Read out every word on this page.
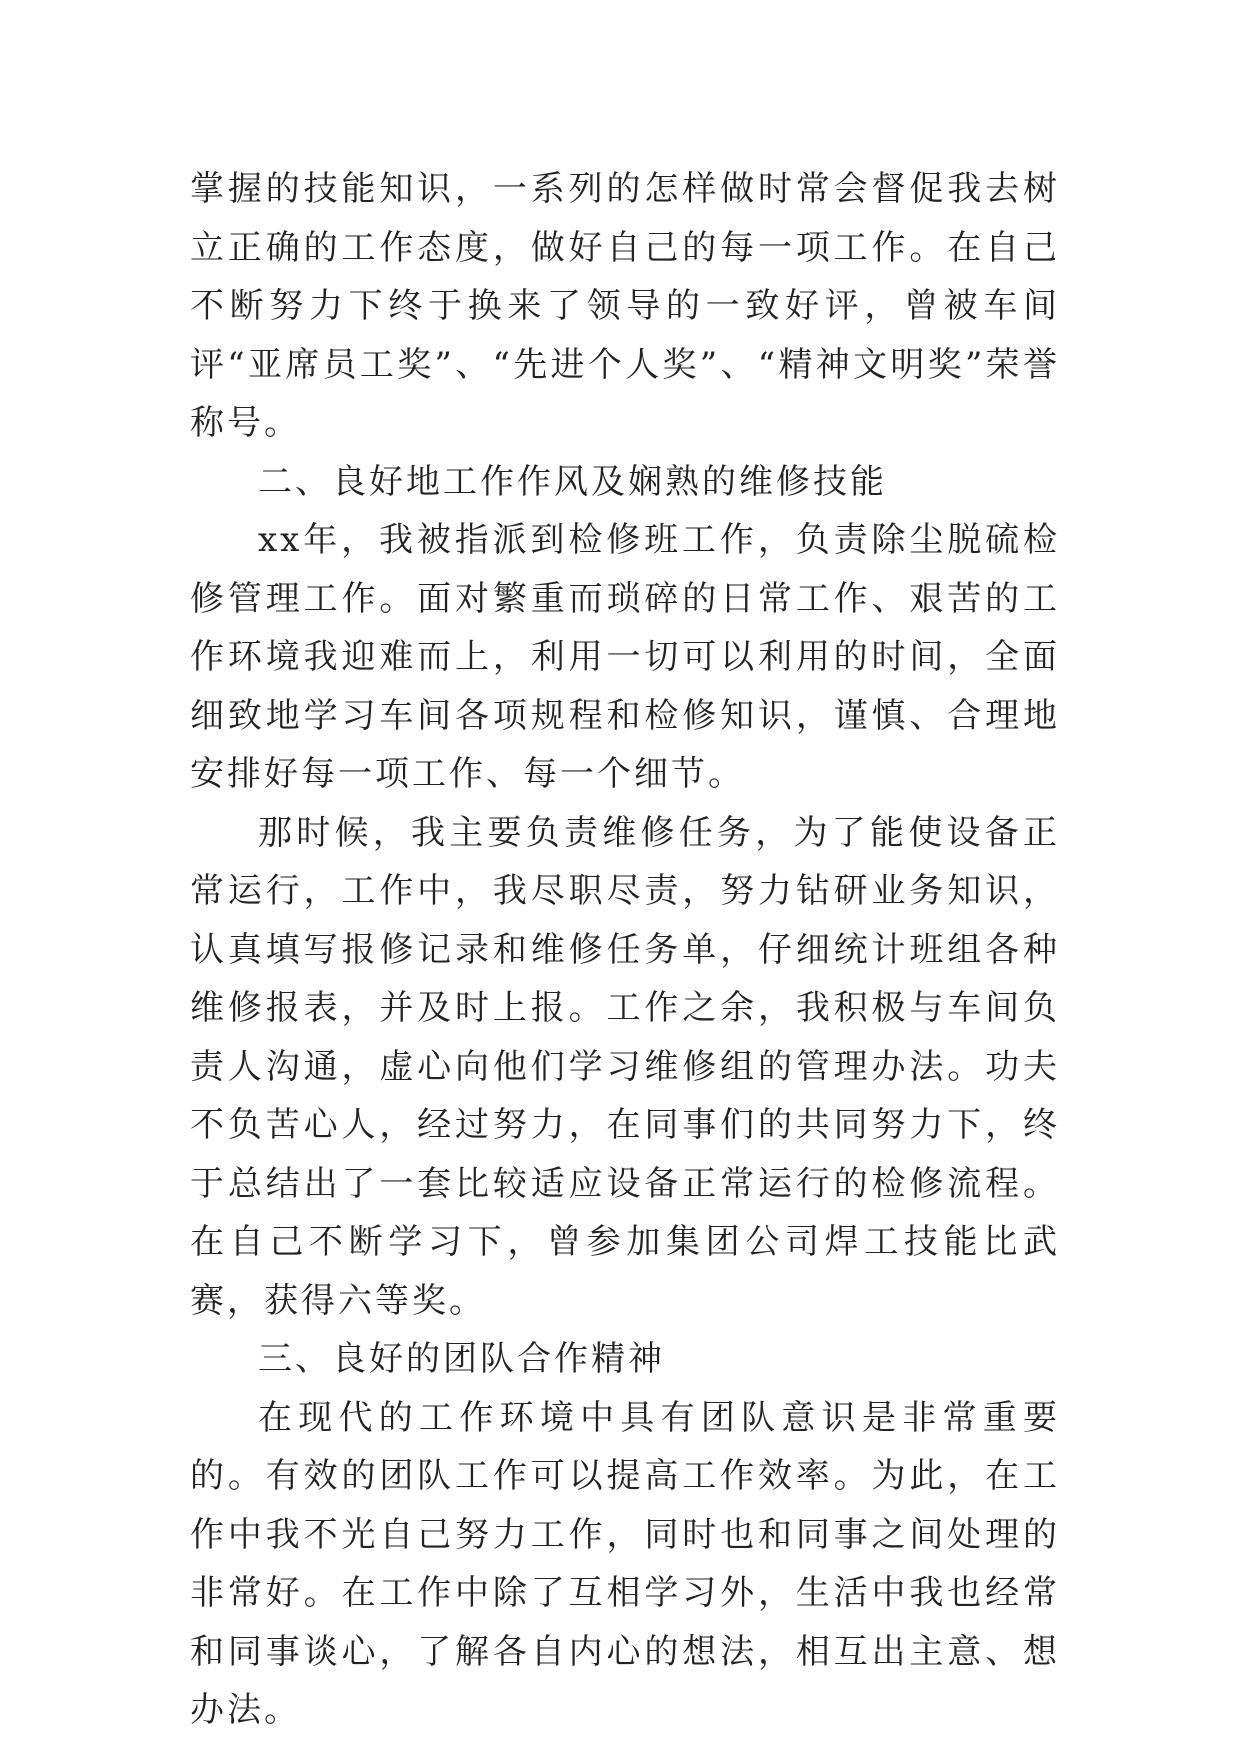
掌握的技能知识，一系列的怎样做时常会督促我去树立正确的工作态度，做好自己的每一项工作。在自己不断努力下终于换来了领导的一致好评，曾被车间评“亚席员工奖”、“先进个人奖”、“精神文明奖”荣誉称号。

二、良好地工作作风及娴熟的维修技能

xx年，我被指派到检修班工作，负责除尘脱硫检修管理工作。面对繁重而琐碎的日常工作、艰苦的工作环境我迎难而上，利用一切可以利用的时间，全面细致地学习车间各项规程和检修知识，谨慎、合理地安排好每一项工作、每一个细节。

那时候，我主要负责维修任务，为了能使设备正常运行，工作中，我尽职尽责，努力钻研业务知识，认真填写报修记录和维修任务单，仔细统计班组各种维修报表，并及时上报。工作之余，我积极与车间负责人沟通，虚心向他们学习维修组的管理办法。功夫不负苦心人，经过努力，在同事们的共同努力下，终于总结出了一套比较适应设备正常运行的检修流程。在自己不断学习下，曾参加集团公司焊工技能比武赛，获得六等奖。

三、良好的团队合作精神

在现代的工作环境中具有团队意识是非常重要的。有效的团队工作可以提高工作效率。为此，在工作中我不光自己努力工作，同时也和同事之间处理的非常好。在工作中除了互相学习外，生活中我也经常和同事谈心，了解各自内心的想法，相互出主意、想办法。
